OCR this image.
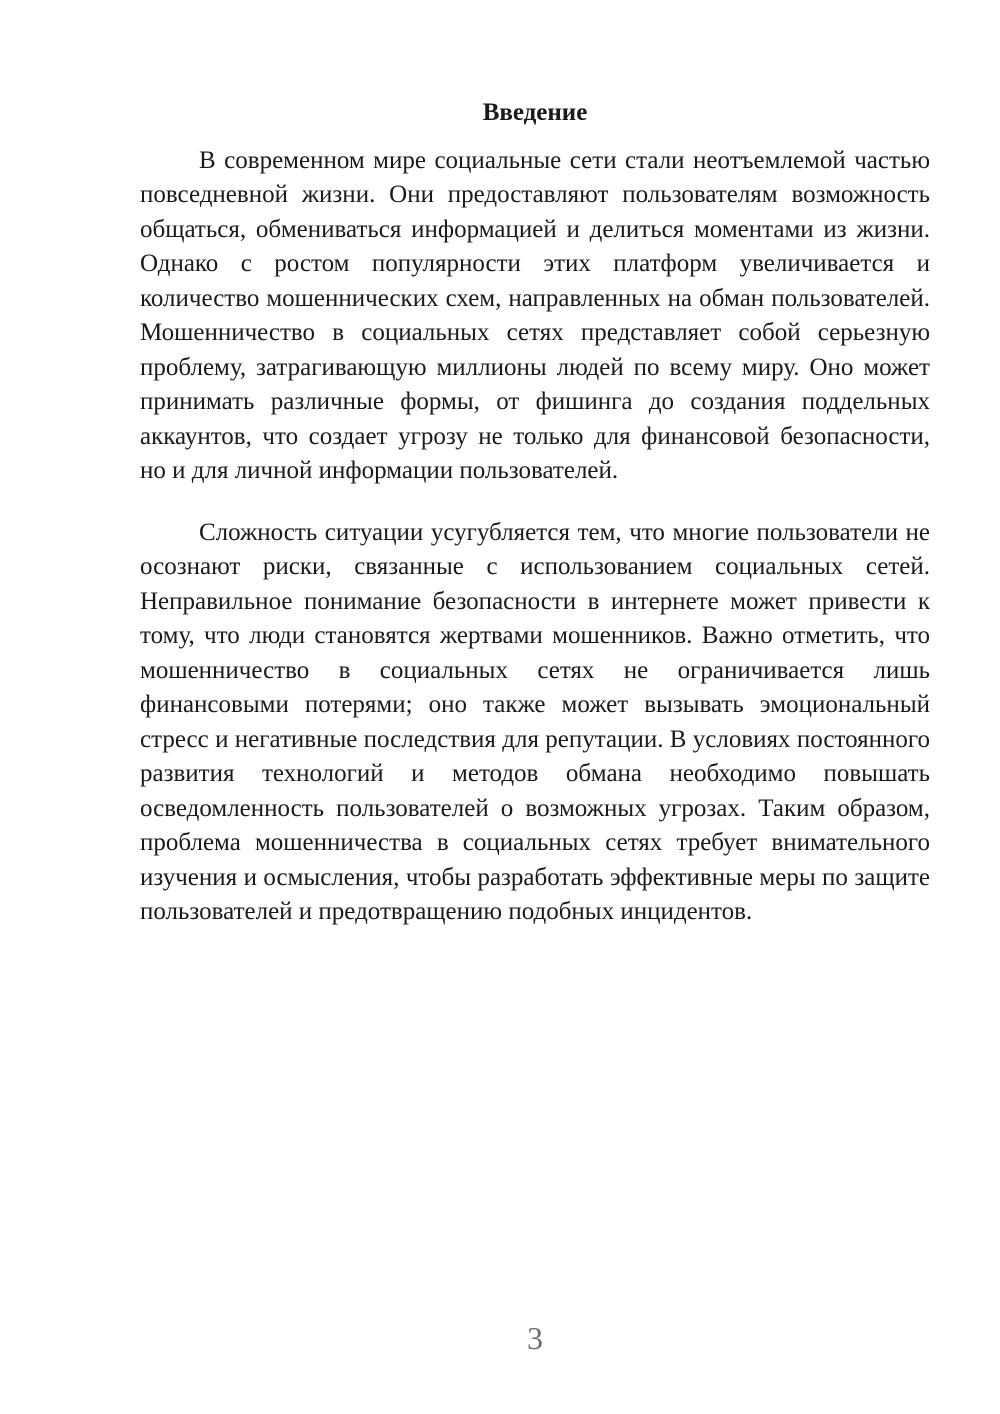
Введение
В современном мире социальные сети стали неотъемлемой частью
повседневной жизни. Они предоставляют пользователям возможность
общаться, обмениваться информацией и делиться моментами из жизни.
Однако с ростом популярности этих платформ увеличивается и
количество мошеннических схем, направленных на обман пользователей.
Мошенничество в социальных сетях представляет собой серьезную
проблему, затрагивающую миллионы людей по всему миру. Оно может
принимать различные формы, от фишинга до создания поддельных
аккаунтов, что создает угрозу не только для финансовой безопасности,
но и для личной информации пользователей.
Сложность ситуации усугубляется тем, что многие пользователи не
осознают риски, связанные с использованием социальных сетей.
Неправильное понимание безопасности в интернете может привести к
тому, что люди становятся жертвами мошенников. Важно отметить, что
мошенничество в социальных сетях не ограничивается лишь
финансовыми потерями; оно также может вызывать эмоциональный
стресс и негативные последствия для репутации. В условиях постоянного
развития технологий и методов обмана необходимо повышать
осведомленность пользователей о возможных угрозах. Таким образом,
проблема мошенничества в социальных сетях требует внимательного
изучения и осмысления, чтобы разработать эффективные меры по защите
пользователей и предотвращению подобных инцидентов.
3
